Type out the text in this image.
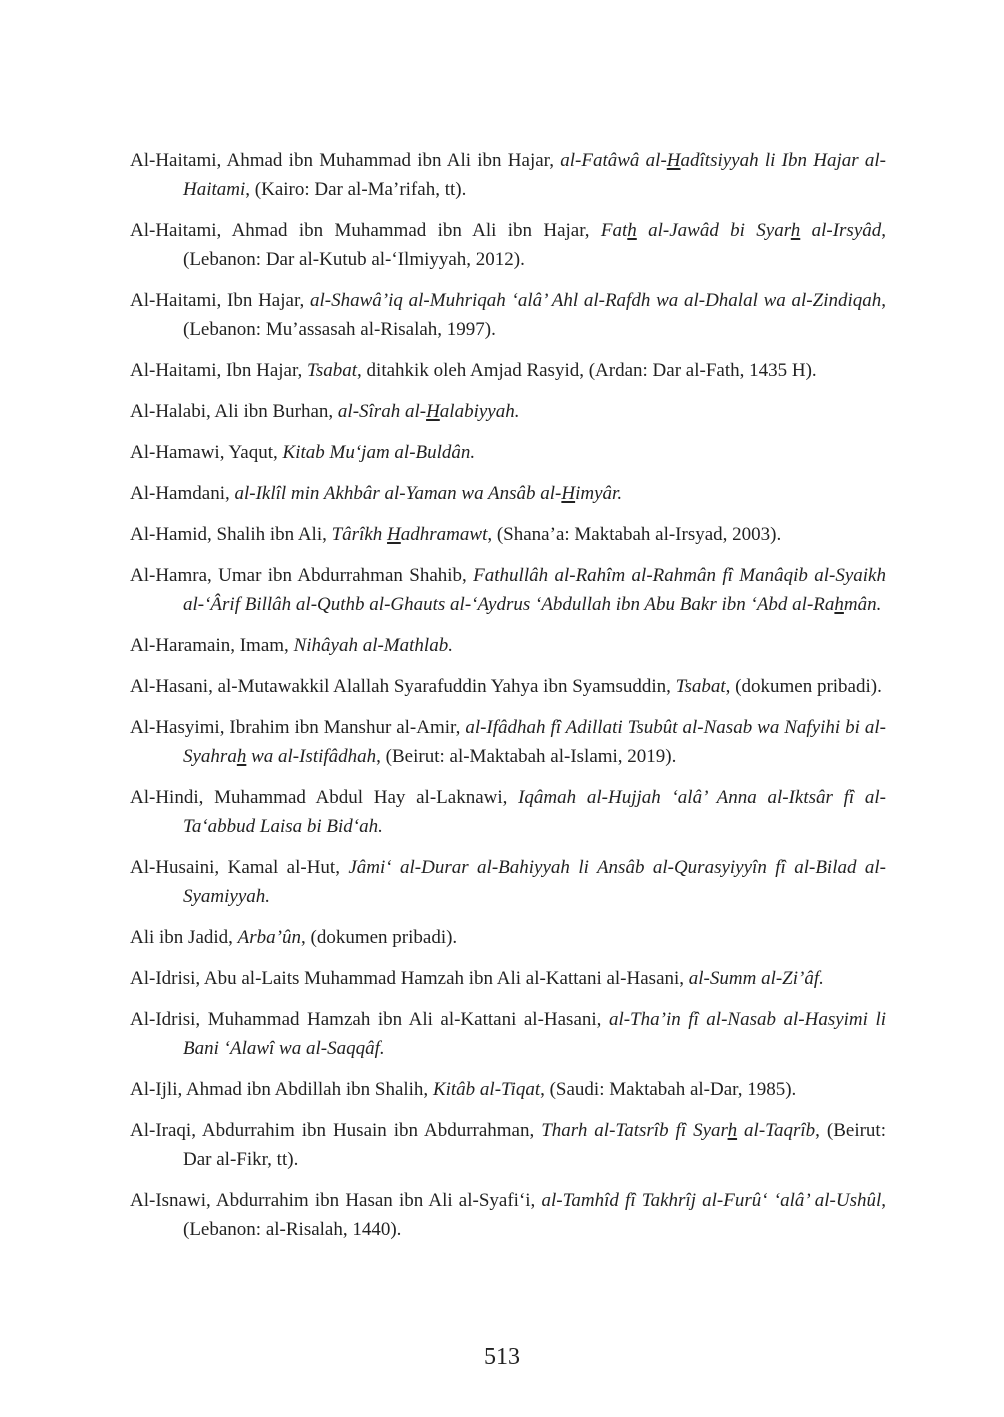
Al-Haitami, Ahmad ibn Muhammad ibn Ali ibn Hajar, al-Fatâwâ al-Hadîtsiyyah li Ibn Hajar al-Haitami, (Kairo: Dar al-Ma’rifah, tt).

Al-Haitami, Ahmad ibn Muhammad ibn Ali ibn Hajar, Fath al-Jawâd bi Syarh al-Irsyâd, (Lebanon: Dar al-Kutub al-‘Ilmiyyah, 2012).

Al-Haitami, Ibn Hajar, al-Shawâ’iq al-Muhriqah ‘alâ’ Ahl al-Rafdh wa al-Dhalal wa al-Zindiqah, (Lebanon: Mu’assasah al-Risalah, 1997).

Al-Haitami, Ibn Hajar, Tsabat, ditahkik oleh Amjad Rasyid, (Ardan: Dar al-Fath, 1435 H).

Al-Halabi, Ali ibn Burhan, al-Sîrah al-Halabiyyah.

Al-Hamawi, Yaqut, Kitab Mu‘jam al-Buldân.

Al-Hamdani, al-Iklîl min Akhbâr al-Yaman wa Ansâb al-Himyâr.

Al-Hamid, Shalih ibn Ali, Târîkh Hadhramawt, (Shana’a: Maktabah al-Irsyad, 2003).

Al-Hamra, Umar ibn Abdurrahman Shahib, Fathullâh al-Rahîm al-Rahmân fî Manâqib al-Syaikh al-‘Ârif Billâh al-Quthb al-Ghauts al-‘Aydrus ‘Abdullah ibn Abu Bakr ibn ‘Abd al-Rahmân.

Al-Haramain, Imam, Nihâyah al-Mathlab.

Al-Hasani, al-Mutawakkil Alallah Syarafuddin Yahya ibn Syamsuddin, Tsabat, (dokumen pribadi).

Al-Hasyimi, Ibrahim ibn Manshur al-Amir, al-Ifâdhah fî Adillati Tsubût al-Nasab wa Nafyihi bi al-Syahrah wa al-Istifâdhah, (Beirut: al-Maktabah al-Islami, 2019).

Al-Hindi, Muhammad Abdul Hay al-Laknawi, Iqâmah al-Hujjah ‘alâ’ Anna al-Iktsâr fî al-Ta‘abbud Laisa bi Bid‘ah.

Al-Husaini, Kamal al-Hut, Jâmi‘ al-Durar al-Bahiyyah li Ansâb al-Qurasyiyyîn fî al-Bilad al-Syamiyyah.

Ali ibn Jadid, Arba’ûn, (dokumen pribadi).

Al-Idrisi, Abu al-Laits Muhammad Hamzah ibn Ali al-Kattani al-Hasani, al-Summ al-Zi’âf.

Al-Idrisi, Muhammad Hamzah ibn Ali al-Kattani al-Hasani, al-Tha’in fî al-Nasab al-Hasyimi li Bani ‘Alawî wa al-Saqqâf.

Al-Ijli, Ahmad ibn Abdillah ibn Shalih, Kitâb al-Tiqat, (Saudi: Maktabah al-Dar, 1985).

Al-Iraqi, Abdurrahim ibn Husain ibn Abdurrahman, Tharh al-Tatsrîb fî Syarh al-Taqrîb, (Beirut: Dar al-Fikr, tt).

Al-Isnawi, Abdurrahim ibn Hasan ibn Ali al-Syafi‘i, al-Tamhîd fî Takhrîj al-Furû‘ ‘alâ’ al-Ushûl, (Lebanon: al-Risalah, 1440).

513
